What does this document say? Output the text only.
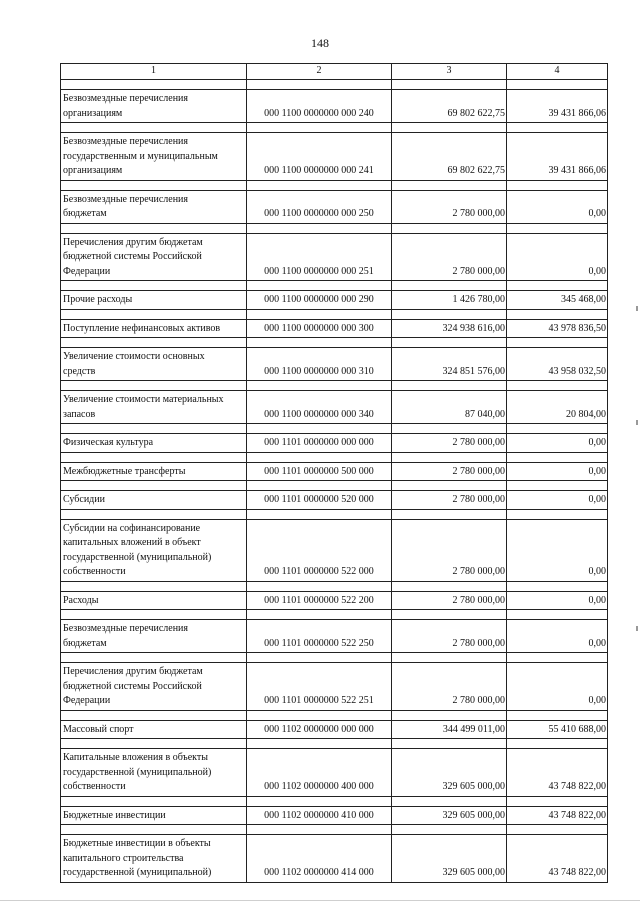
148
1	2	3	4

Безвозмездные перечисления
организациям	000 1100 0000000 000 240	69 802 622,75	39 431 866,06

Безвозмездные перечисления
государственным и муниципальным
организациям	000 1100 0000000 000 241	69 802 622,75	39 431 866,06

Безвозмездные перечисления
бюджетам	000 1100 0000000 000 250	2 780 000,00	0,00

Перечисления другим бюджетам
бюджетной системы Российской
Федерации	000 1100 0000000 000 251	2 780 000,00	0,00

Прочие расходы	000 1100 0000000 000 290	1 426 780,00	345 468,00

Поступление нефинансовых активов	000 1100 0000000 000 300	324 938 616,00	43 978 836,50

Увеличение стоимости основных
средств	000 1100 0000000 000 310	324 851 576,00	43 958 032,50

Увеличение стоимости материальных
запасов	000 1100 0000000 000 340	87 040,00	20 804,00

Физическая культура	000 1101 0000000 000 000	2 780 000,00	0,00

Межбюджетные трансферты	000 1101 0000000 500 000	2 780 000,00	0,00

Субсидии	000 1101 0000000 520 000	2 780 000,00	0,00

Субсидии на софинансирование
капитальных вложений в объект
государственной (муниципальной)
собственности	000 1101 0000000 522 000	2 780 000,00	0,00

Расходы	000 1101 0000000 522 200	2 780 000,00	0,00

Безвозмездные перечисления
бюджетам	000 1101 0000000 522 250	2 780 000,00	0,00

Перечисления другим бюджетам
бюджетной системы Российской
Федерации	000 1101 0000000 522 251	2 780 000,00	0,00

Массовый спорт	000 1102 0000000 000 000	344 499 011,00	55 410 688,00

Капитальные вложения в объекты
государственной (муниципальной)
собственности	000 1102 0000000 400 000	329 605 000,00	43 748 822,00

Бюджетные инвестиции	000 1102 0000000 410 000	329 605 000,00	43 748 822,00

Бюджетные инвестиции в объекты
капитального строительства
государственной (муниципальной)	000 1102 0000000 414 000	329 605 000,00	43 748 822,00
